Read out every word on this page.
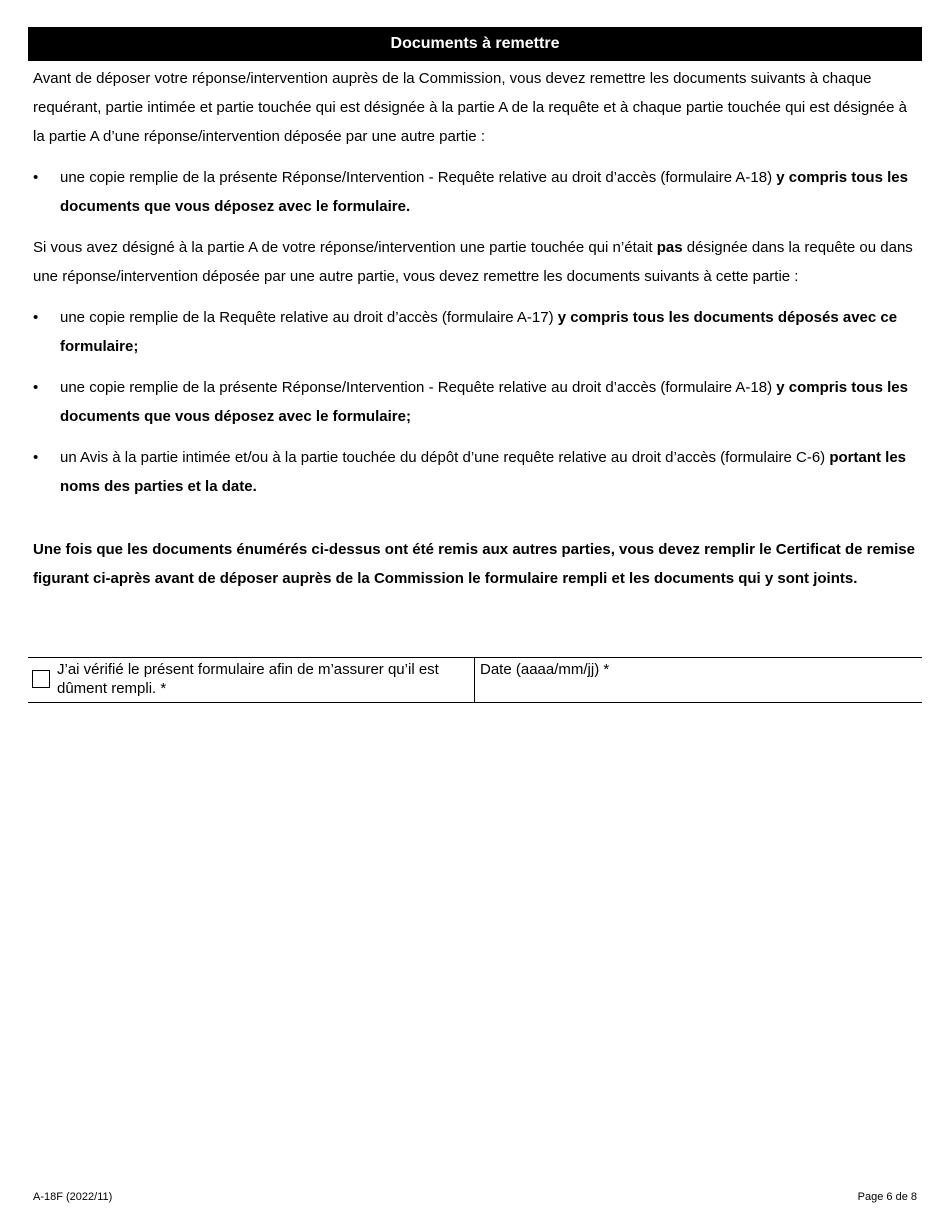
Documents à remettre

Avant de déposer votre réponse/intervention auprès de la Commission, vous devez remettre les documents suivants à chaque requérant, partie intimée et partie touchée qui est désignée à la partie A de la requête et à chaque partie touchée qui est désignée à la partie A d’une réponse/intervention déposée par une autre partie :

• une copie remplie de la présente Réponse/Intervention - Requête relative au droit d’accès (formulaire A-18) y compris tous les documents que vous déposez avec le formulaire.

Si vous avez désigné à la partie A de votre réponse/intervention une partie touchée qui n’était pas désignée dans la requête ou dans une réponse/intervention déposée par une autre partie, vous devez remettre les documents suivants à cette partie :

• une copie remplie de la Requête relative au droit d’accès (formulaire A-17) y compris tous les documents déposés avec ce formulaire;
• une copie remplie de la présente Réponse/Intervention - Requête relative au droit d’accès (formulaire A-18) y compris tous les documents que vous déposez avec le formulaire;
• un Avis à la partie intimée et/ou à la partie touchée du dépôt d’une requête relative au droit d’accès (formulaire C-6) portant les noms des parties et la date.

Une fois que les documents énumérés ci-dessus ont été remis aux autres parties, vous devez remplir le Certificat de remise figurant ci-après avant de déposer auprès de la Commission le formulaire rempli et les documents qui y sont joints.

J’ai vérifié le présent formulaire afin de m’assurer qu’il est dûment rempli. *
Date (aaaa/mm/jj) *
A-18F (2022/11)	Page 6 de 8
